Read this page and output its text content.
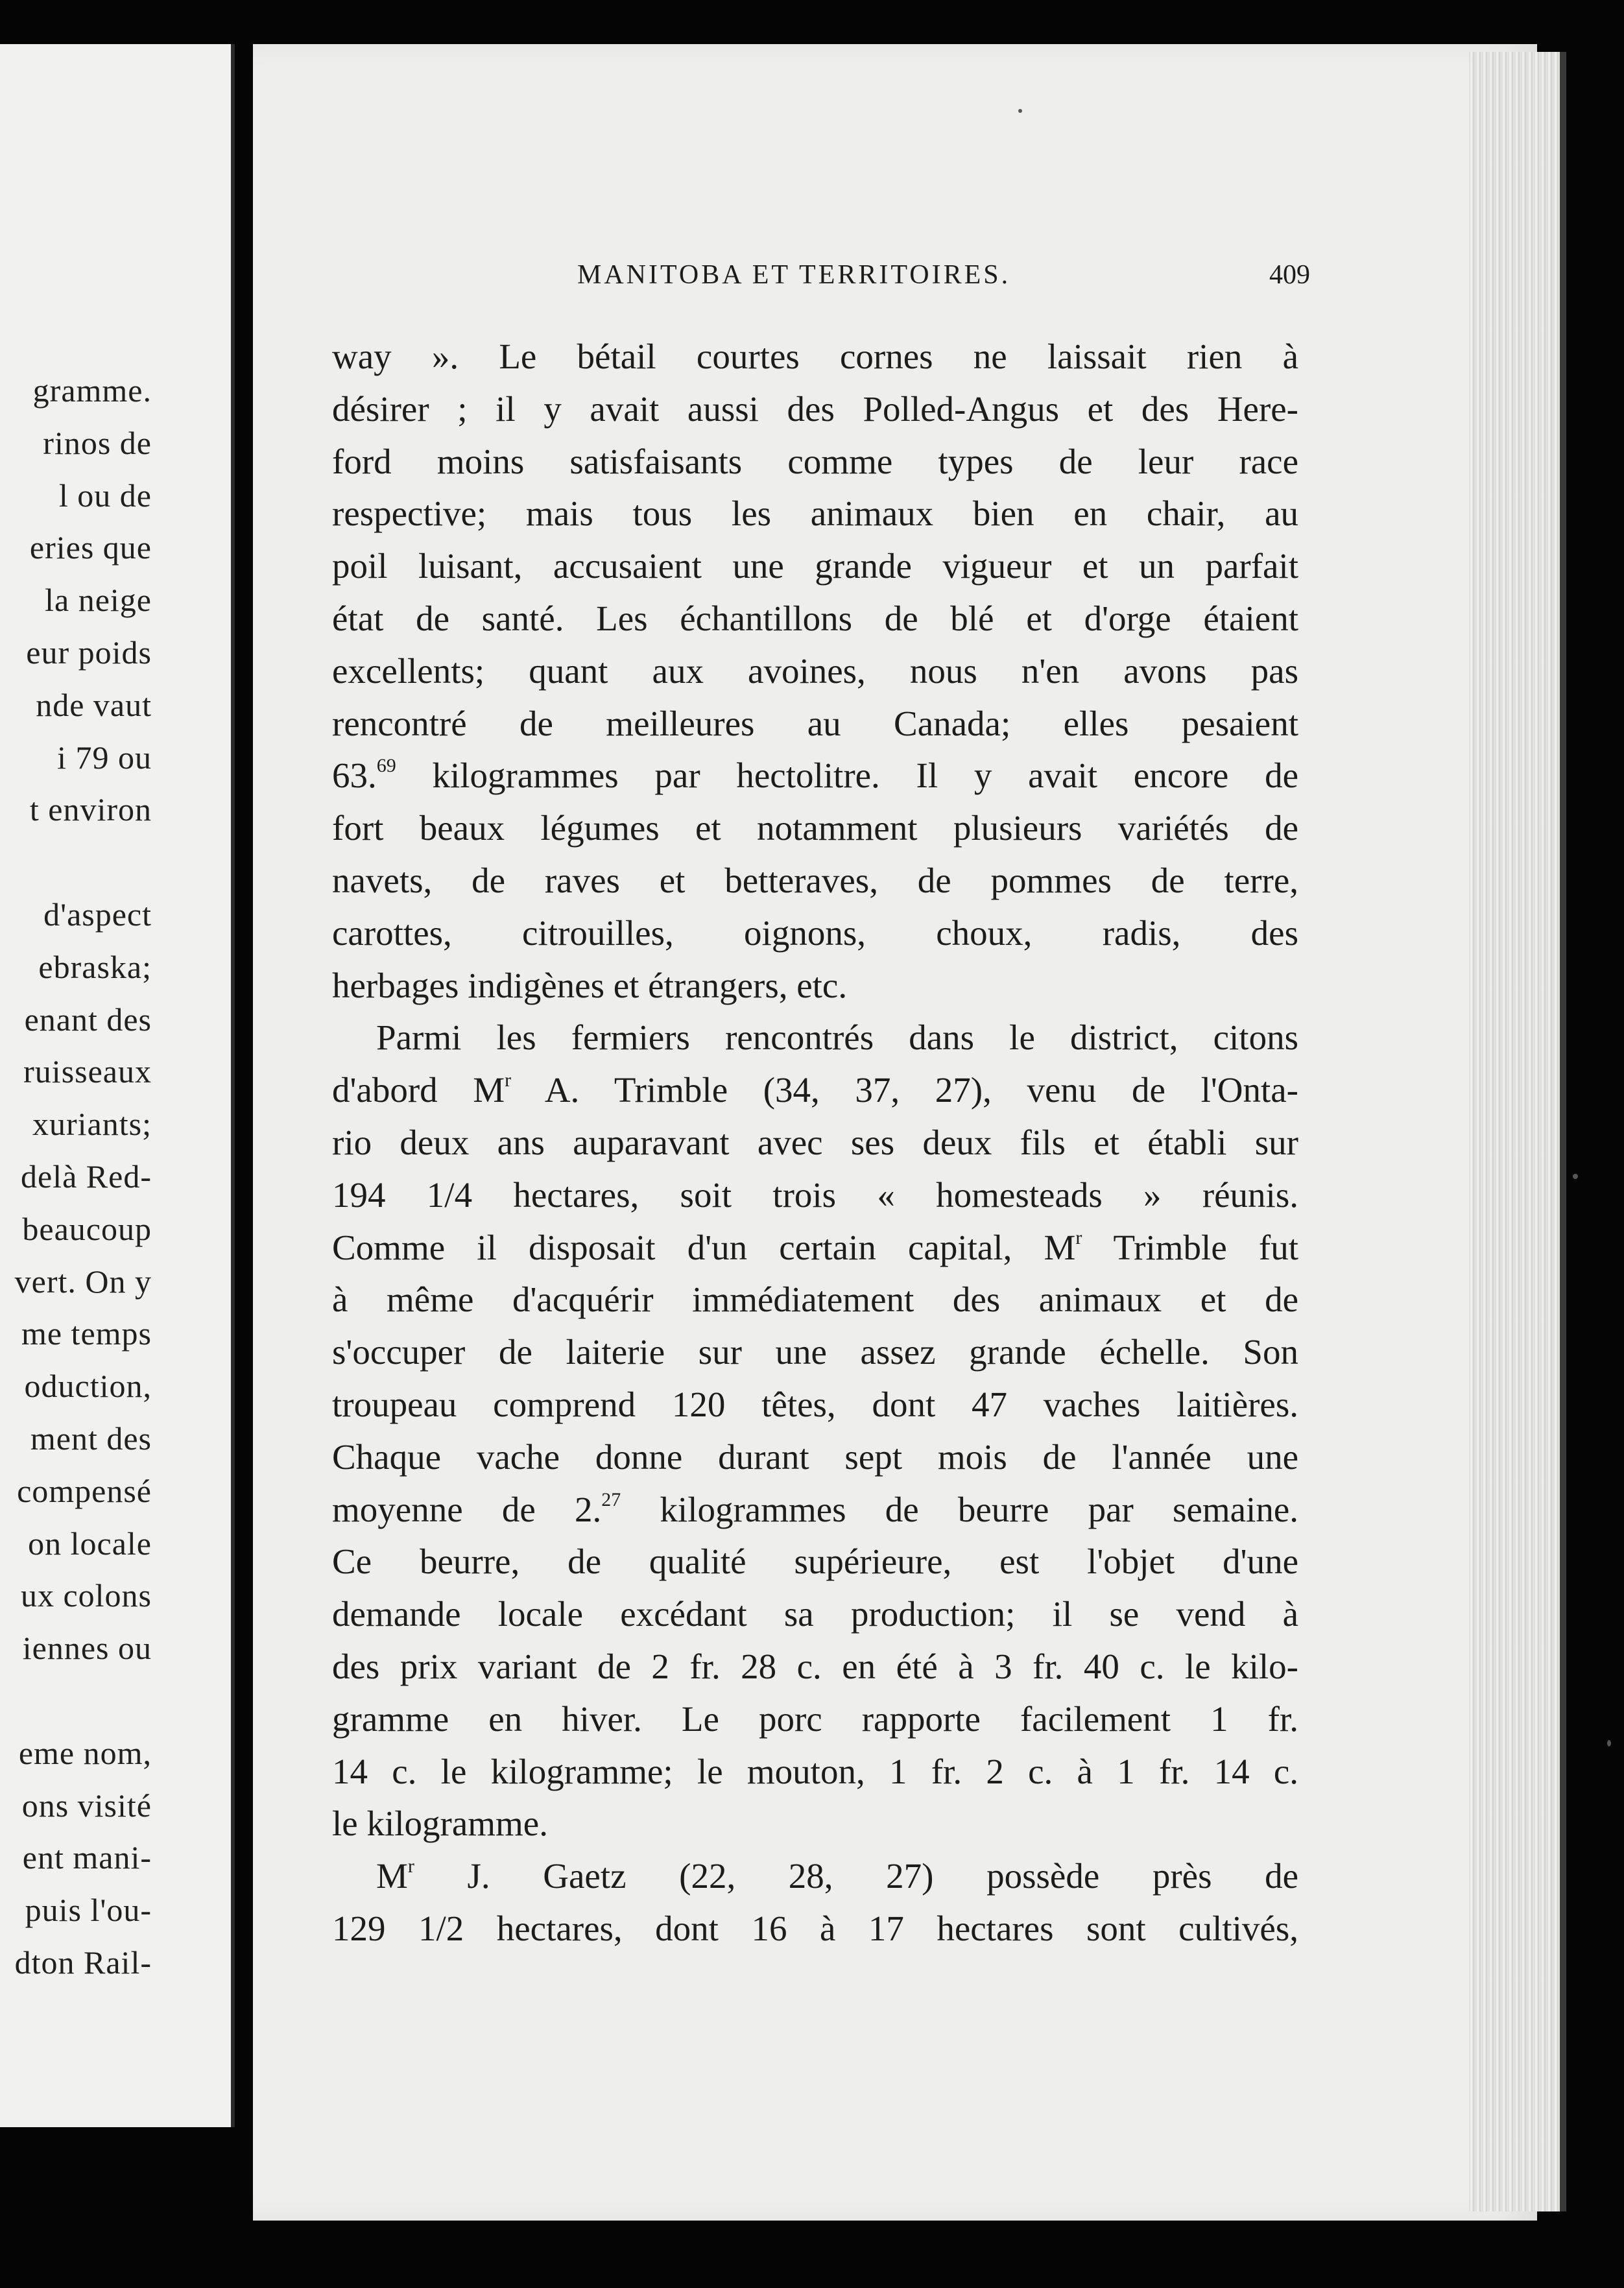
gramme.
rinos de
l ou de
eries que
la neige
eur poids
nde vaut
i 79 ou
t environ
d'aspect
ebraska;
enant des
ruisseaux
xuriants;
delà Red-
beaucoup
vert. On y
me temps
oduction,
ment des
compensé
on locale
ux colons
iennes ou
eme nom,
ons visité
ent mani-
puis l'ou-
dton Rail-
MANITOBA ET TERRITOIRES.	409
way ». Le bétail courtes cornes ne laissait rien à
désirer ; il y avait aussi des Polled-Angus et des Here-
ford moins satisfaisants comme types de leur race
respective; mais tous les animaux bien en chair, au
poil luisant, accusaient une grande vigueur et un parfait
état de santé. Les échantillons de blé et d'orge étaient
excellents; quant aux avoines, nous n'en avons pas
rencontré de meilleures au Canada; elles pesaient
63.69 kilogrammes par hectolitre. Il y avait encore de
fort beaux légumes et notamment plusieurs variétés de
navets, de raves et betteraves, de pommes de terre,
carottes, citrouilles, oignons, choux, radis, des
herbages indigènes et étrangers, etc.
Parmi les fermiers rencontrés dans le district, citons
d'abord $M^r$ A. Trimble (34, 37, 27), venu de l'Onta-
rio deux ans auparavant avec ses deux fils et établi sur
194 1/4 hectares, soit trois « homesteads » réunis.
Comme il disposait d'un certain capital, $M^r$ Trimble fut
à même d'acquérir immédiatement des animaux et de
s'occuper de laiterie sur une assez grande échelle. Son
troupeau comprend 120 têtes, dont 47 vaches laitières.
Chaque vache donne durant sept mois de l'année une
moyenne de 2.27 kilogrammes de beurre par semaine.
Ce beurre, de qualité supérieure, est l'objet d'une
demande locale excédant sa production; il se vend à
des prix variant de 2 fr. 28 c. en été à 3 fr. 40 c. le kilo-
gramme en hiver. Le porc rapporte facilement 1 fr.
14 c. le kilogramme; le mouton, 1 fr. 2 c. à 1 fr. 14 c.
le kilogramme.
$M^r$ J. Gaetz (22, 28, 27) possède près de
129 1/2 hectares, dont 16 à 17 hectares sont cultivés,
